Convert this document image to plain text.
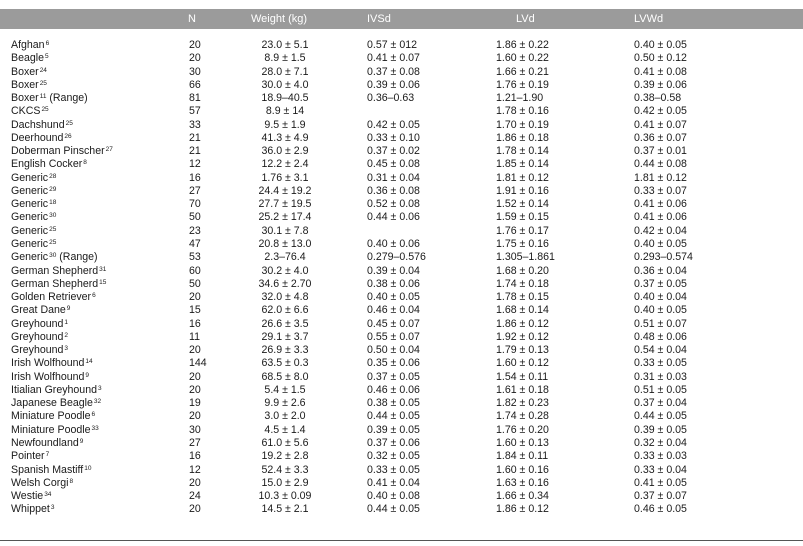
	N	Weight (kg)	IVSd	LVd	LVWd

Afghan$^6$	20	23.0 ± 5.1	0.57 ± 012	1.86 ± 0.22	0.40 ± 0.05
Beagle$^5$	20	8.9 ± 1.5	0.41 ± 0.07	1.60 ± 0.22	0.50 ± 0.12
Boxer$^{24}$	30	28.0 ± 7.1	0.37 ± 0.08	1.66 ± 0.21	0.41 ± 0.08
Boxer$^{25}$	66	30.0 ± 4.0	0.39 ± 0.06	1.76 ± 0.19	0.39 ± 0.06
Boxer$^{11}$ (Range)	81	18.9–40.5	0.36–0.63	1.21–1.90	0.38–0.58
CKCS$^{25}$	57	8.9 ± 14		1.78 ± 0.16	0.42 ± 0.05
Dachshund$^{25}$	33	9.5 ± 1.9	0.42 ± 0.05	1.70 ± 0.19	0.41 ± 0.07
Deerhound$^{26}$	21	41.3 ± 4.9	0.33 ± 0.10	1.86 ± 0.18	0.36 ± 0.07
Doberman Pinscher$^{27}$	21	36.0 ± 2.9	0.37 ± 0.02	1.78 ± 0.14	0.37 ± 0.01
English Cocker$^8$	12	12.2 ± 2.4	0.45 ± 0.08	1.85 ± 0.14	0.44 ± 0.08
Generic$^{28}$	16	1.76 ± 3.1	0.31 ± 0.04	1.81 ± 0.12	1.81 ± 0.12
Generic$^{29}$	27	24.4 ± 19.2	0.36 ± 0.08	1.91 ± 0.16	0.33 ± 0.07
Generic$^{18}$	70	27.7 ± 19.5	0.52 ± 0.08	1.52 ± 0.14	0.41 ± 0.06
Generic$^{30}$	50	25.2 ± 17.4	0.44 ± 0.06	1.59 ± 0.15	0.41 ± 0.06
Generic$^{25}$	23	30.1 ± 7.8		1.76 ± 0.17	0.42 ± 0.04
Generic$^{25}$	47	20.8 ± 13.0	0.40 ± 0.06	1.75 ± 0.16	0.40 ± 0.05
Generic$^{30}$ (Range)	53	2.3–76.4	0.279–0.576	1.305–1.861	0.293–0.574
German Shepherd$^{31}$	60	30.2 ± 4.0	0.39 ± 0.04	1.68 ± 0.20	0.36 ± 0.04
German Shepherd$^{15}$	50	34.6 ± 2.70	0.38 ± 0.06	1.74 ± 0.18	0.37 ± 0.05
Golden Retriever$^6$	20	32.0 ± 4.8	0.40 ± 0.05	1.78 ± 0.15	0.40 ± 0.04
Great Dane$^9$	15	62.0 ± 6.6	0.46 ± 0.04	1.68 ± 0.14	0.40 ± 0.05
Greyhound$^1$	16	26.6 ± 3.5	0.45 ± 0.07	1.86 ± 0.12	0.51 ± 0.07
Greyhound$^2$	11	29.1 ± 3.7	0.55 ± 0.07	1.92 ± 0.12	0.48 ± 0.06
Greyhound$^3$	20	26.9 ± 3.3	0.50 ± 0.04	1.79 ± 0.13	0.54 ± 0.04
Irish Wolfhound$^{14}$	144	63.5 ± 0.3	0.35 ± 0.06	1.60 ± 0.12	0.33 ± 0.05
Irish Wolfhound$^9$	20	68.5 ± 8.0	0.37 ± 0.05	1.54 ± 0.11	0.31 ± 0.03
Itialian Greyhound$^3$	20	5.4 ± 1.5	0.46 ± 0.06	1.61 ± 0.18	0.51 ± 0.05
Japanese Beagle$^{32}$	19	9.9 ± 2.6	0.38 ± 0.05	1.82 ± 0.23	0.37 ± 0.04
Miniature Poodle$^6$	20	3.0 ± 2.0	0.44 ± 0.05	1.74 ± 0.28	0.44 ± 0.05
Miniature Poodle$^{33}$	30	4.5 ± 1.4	0.39 ± 0.05	1.76 ± 0.20	0.39 ± 0.05
Newfoundland$^9$	27	61.0 ± 5.6	0.37 ± 0.06	1.60 ± 0.13	0.32 ± 0.04
Pointer$^7$	16	19.2 ± 2.8	0.32 ± 0.05	1.84 ± 0.11	0.33 ± 0.03
Spanish Mastiff$^{10}$	12	52.4 ± 3.3	0.33 ± 0.05	1.60 ± 0.16	0.33 ± 0.04
Welsh Corgi$^8$	20	15.0 ± 2.9	0.41 ± 0.04	1.63 ± 0.16	0.41 ± 0.05
Westie$^{34}$	24	10.3 ± 0.09	0.40 ± 0.08	1.66 ± 0.34	0.37 ± 0.07
Whippet$^3$	20	14.5 ± 2.1	0.44 ± 0.05	1.86 ± 0.12	0.46 ± 0.05
